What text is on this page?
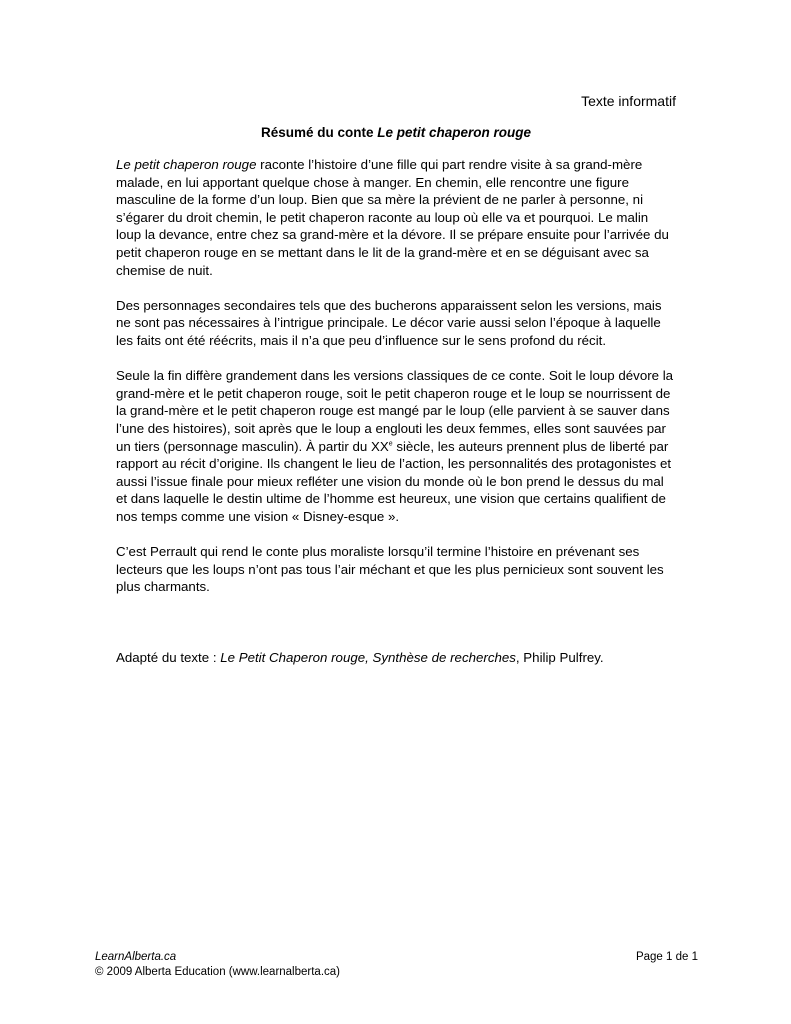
Texte informatif
Résumé du conte Le petit chaperon rouge

Le petit chaperon rouge raconte l’histoire d’une fille qui part rendre visite à sa grand-mère malade, en lui apportant quelque chose à manger. En chemin, elle rencontre une figure masculine de la forme d’un loup. Bien que sa mère la prévient de ne parler à personne, ni s’égarer du droit chemin, le petit chaperon raconte au loup où elle va et pourquoi. Le malin loup la devance, entre chez sa grand-mère et la dévore. Il se prépare ensuite pour l’arrivée du petit chaperon rouge en se mettant dans le lit de la grand-mère et en se déguisant avec sa chemise de nuit.

Des personnages secondaires tels que des bucherons apparaissent selon les versions, mais ne sont pas nécessaires à l’intrigue principale. Le décor varie aussi selon l’époque à laquelle les faits ont été réécrits, mais il n’a que peu d’influence sur le sens profond du récit.

Seule la fin diffère grandement dans les versions classiques de ce conte. Soit le loup dévore la grand-mère et le petit chaperon rouge, soit le petit chaperon rouge et le loup se nourrissent de la grand-mère et le petit chaperon rouge est mangé par le loup (elle parvient à se sauver dans l’une des histoires), soit après que le loup a englouti les deux femmes, elles sont sauvées par un tiers (personnage masculin). À partir du XXe siècle, les auteurs prennent plus de liberté par rapport au récit d’origine. Ils changent le lieu de l’action, les personnalités des protagonistes et aussi l’issue finale pour mieux refléter une vision du monde où le bon prend le dessus du mal et dans laquelle le destin ultime de l’homme est heureux, une vision que certains qualifient de nos temps comme une vision « Disney-esque ».

C’est Perrault qui rend le conte plus moraliste lorsqu’il termine l’histoire en prévenant ses lecteurs que les loups n’ont pas tous l’air méchant et que les plus pernicieux sont souvent les plus charmants.

Adapté du texte : Le Petit Chaperon rouge, Synthèse de recherches, Philip Pulfrey.
LearnAlberta.ca	Page 1 de 1
© 2009 Alberta Education (www.learnalberta.ca)
